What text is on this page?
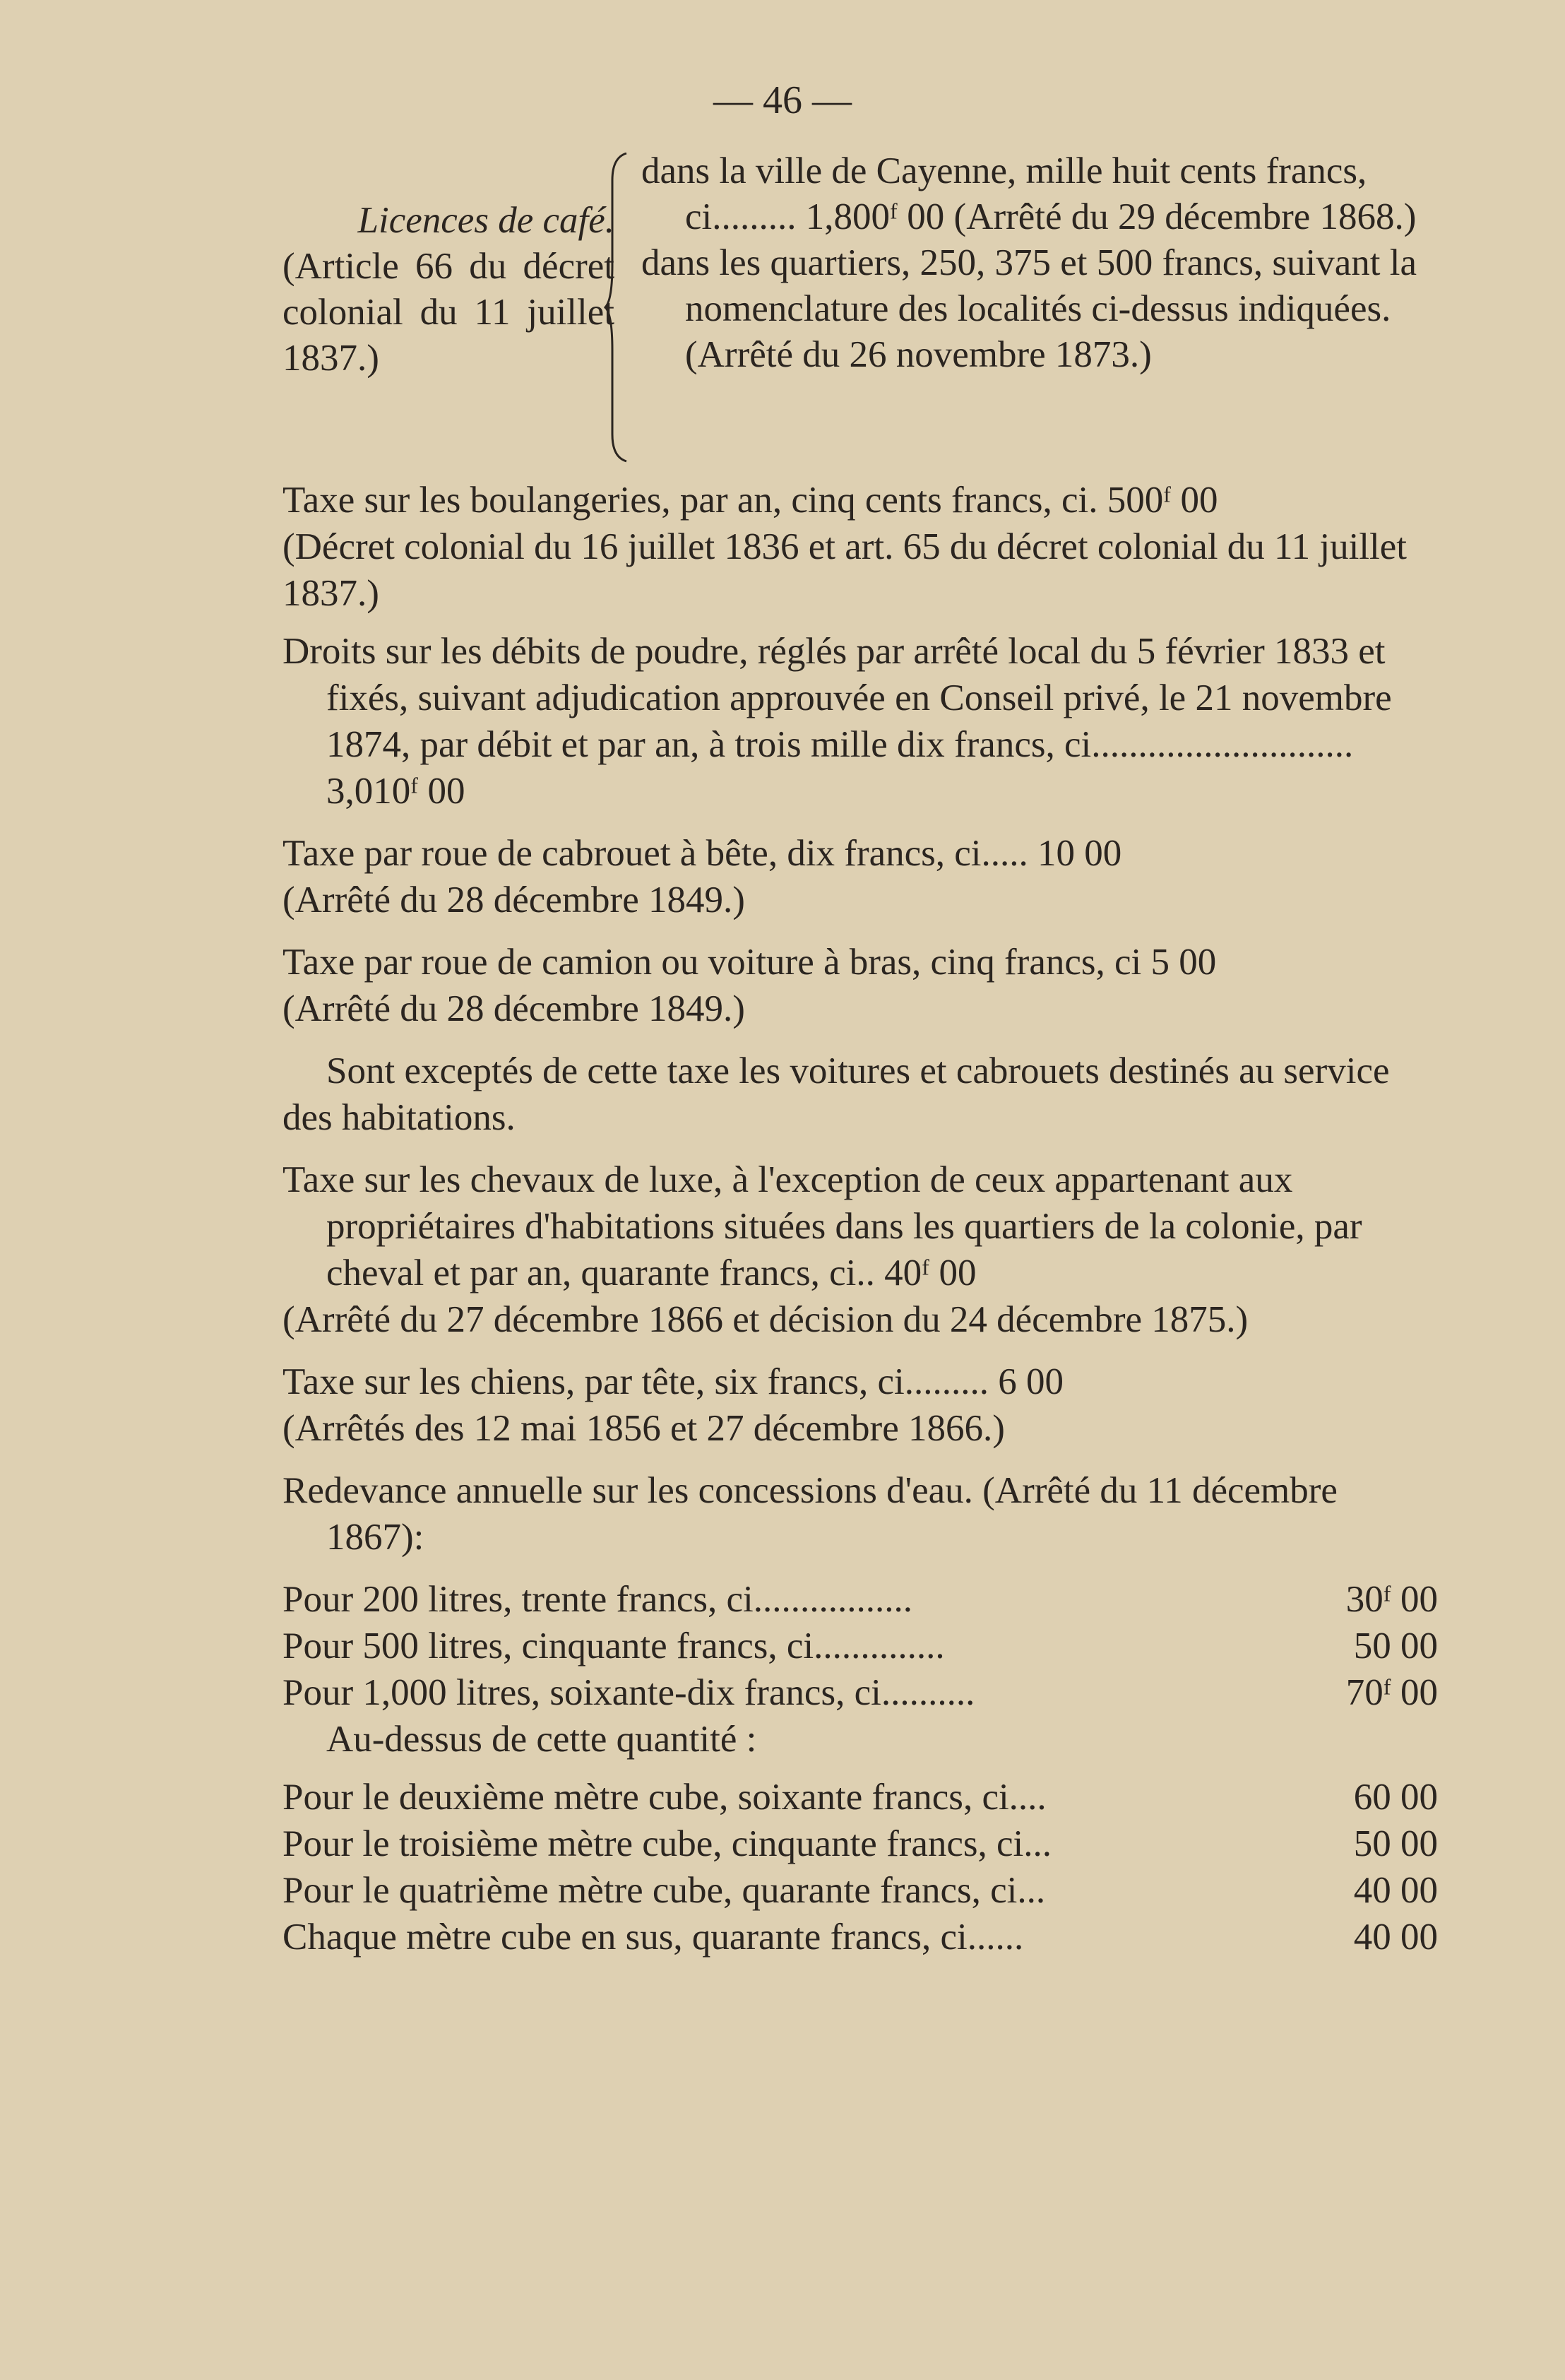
— 46 —
Licences de café.
(Article 66 du décret colonial du 11 juillet 1837.)

dans la ville de Cayenne, mille huit cents francs, ci......... 1,800ᶠ 00 (Arrêté du 29 décembre 1868.)

dans les quartiers, 250, 375 et 500 francs, suivant la nomenclature des localités ci-dessus indiquées. (Arrêté du 26 novembre 1873.)

Taxe sur les boulangeries, par an, cinq cents francs, ci. 500ᶠ 00

(Décret colonial du 16 juillet 1836 et art. 65 du décret colonial du 11 juillet 1837.)

Droits sur les débits de poudre, réglés par arrêté local du 5 février 1833 et fixés, suivant adjudication approuvée en Conseil privé, le 21 novembre 1874, par débit et par an, à trois mille dix francs, ci............................ 3,010ᶠ 00

Taxe par roue de cabrouet à bête, dix francs, ci..... 10 00

(Arrêté du 28 décembre 1849.)

Taxe par roue de camion ou voiture à bras, cinq francs, ci 5 00

(Arrêté du 28 décembre 1849.)

Sont exceptés de cette taxe les voitures et cabrouets destinés au service des habitations.

Taxe sur les chevaux de luxe, à l'exception de ceux appartenant aux propriétaires d'habitations situées dans les quartiers de la colonie, par cheval et par an, quarante francs, ci.. 40ᶠ 00

(Arrêté du 27 décembre 1866 et décision du 24 décembre 1875.)

Taxe sur les chiens, par tête, six francs, ci......... 6 00

(Arrêtés des 12 mai 1856 et 27 décembre 1866.)

Redevance annuelle sur les concessions d'eau. (Arrêté du 11 décembre 1867):

Pour 200 litres, trente francs, ci.................	30ᶠ 00
Pour 500 litres, cinquante francs, ci..............	50 00
Pour 1,000 litres, soixante-dix francs, ci..........	70ᶠ 00

Au-dessus de cette quantité :

Pour le deuxième mètre cube, soixante francs, ci....	60 00
Pour le troisième mètre cube, cinquante francs, ci...	50 00
Pour le quatrième mètre cube, quarante francs, ci...	40 00
Chaque mètre cube en sus, quarante francs, ci......	40 00
